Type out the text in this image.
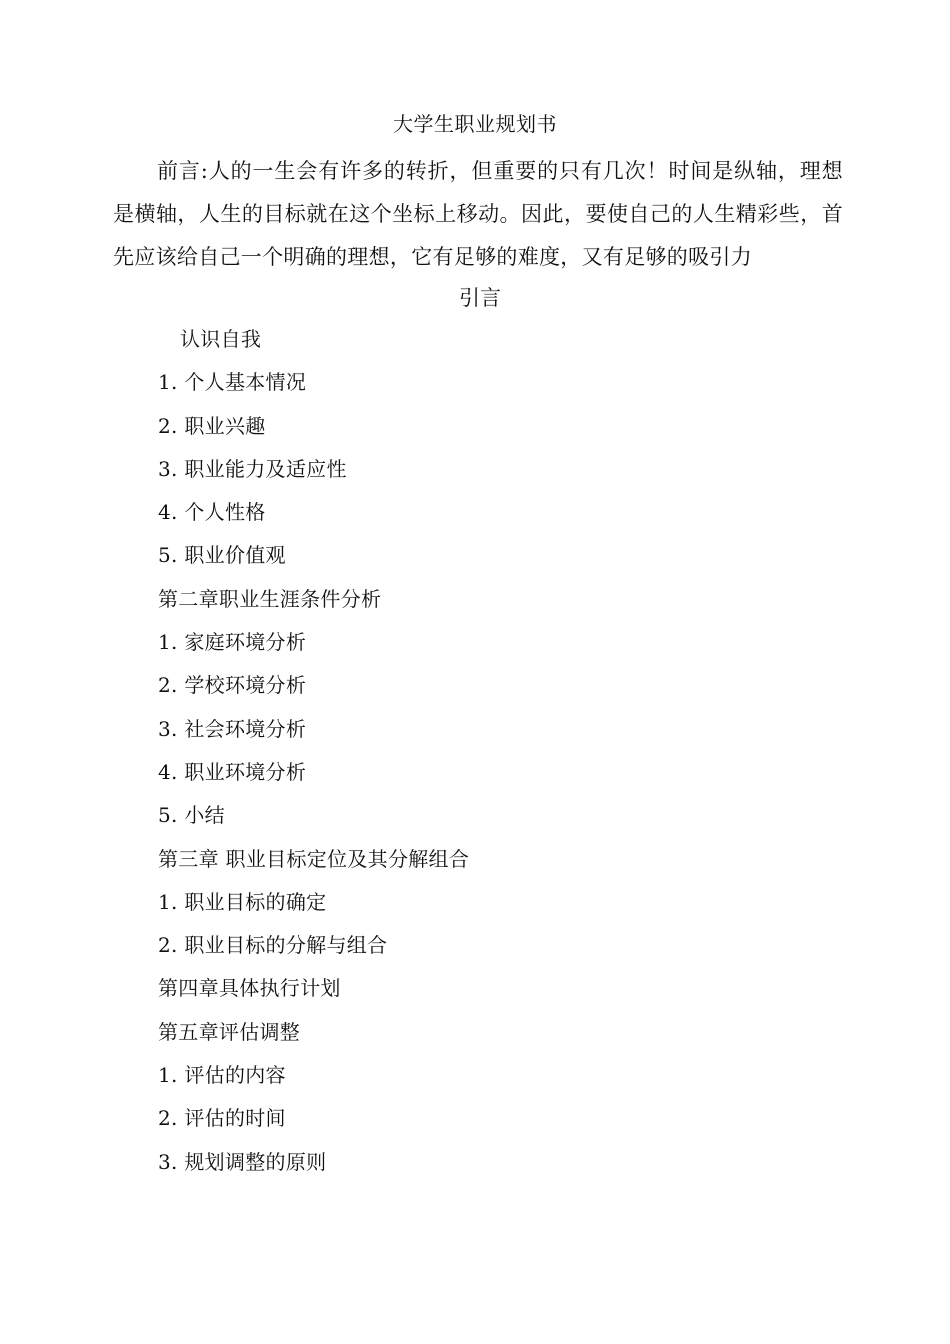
大学生职业规划书
前言:人的一生会有许多的转折，但重要的只有几次！时间是纵轴，理想是横轴，人生的目标就在这个坐标上移动。因此，要使自己的人生精彩些，首先应该给自己一个明确的理想，它有足够的难度，又有足够的吸引力
引言
认识自我
1. 个人基本情况
2. 职业兴趣
3. 职业能力及适应性
4. 个人性格
5. 职业价值观
第二章职业生涯条件分析
1. 家庭环境分析
2. 学校环境分析
3. 社会环境分析
4. 职业环境分析
5. 小结
第三章 职业目标定位及其分解组合
1. 职业目标的确定
2. 职业目标的分解与组合
第四章具体执行计划
第五章评估调整
1. 评估的内容
2. 评估的时间
3. 规划调整的原则
